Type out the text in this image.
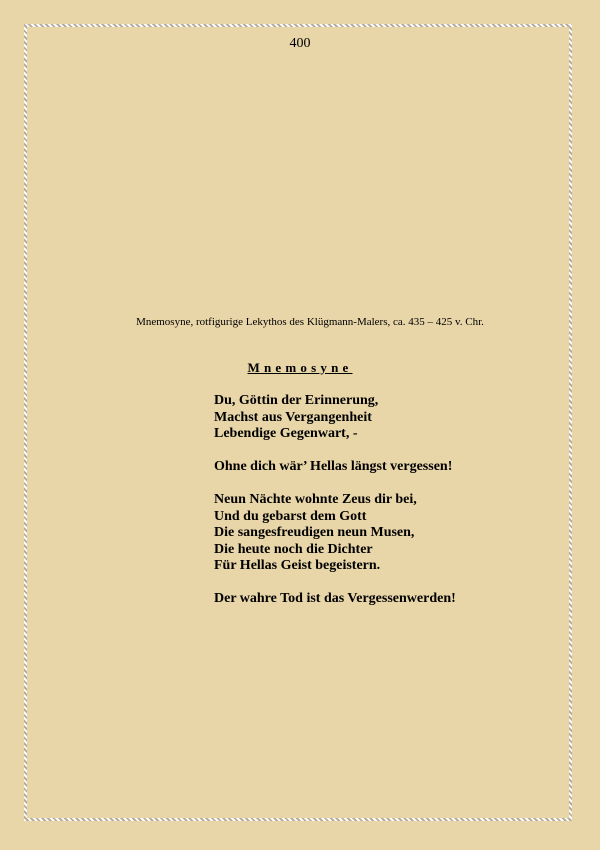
400
Mnemosyne, rotfigurige Lekythos des Klügmann-Malers, ca. 435 – 425 v. Chr.
Mnemosyne
Du, Göttin der Erinnerung,
Machst aus Vergangenheit
Lebendige Gegenwart, -
Ohne dich wär’ Hellas längst vergessen!
Neun Nächte wohnte Zeus dir bei,
Und du gebarst dem Gott
Die sangesfreudigen neun Musen,
Die heute noch die Dichter
Für Hellas Geist begeistern.
Der wahre Tod ist das Vergessenwerden!
